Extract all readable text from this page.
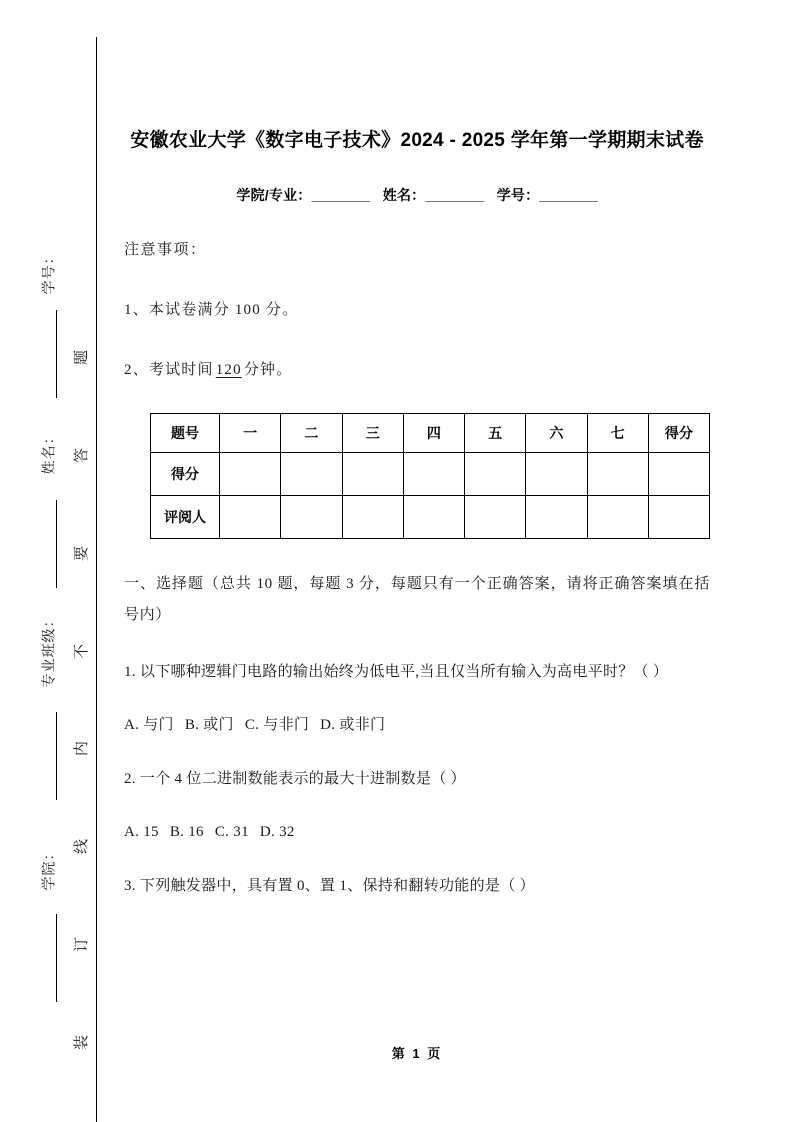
学号：
姓名：
专业班级：
学院：
题
答
要
不
内
线
订
装
安徽农业大学《数字电子技术》2024 - 2025 学年第一学期期末试卷
学院/专业：________ 姓名：________ 学号：________

注意事项：

1、本试卷满分 100 分。

2、考试时间 120 分钟。

题号	一	二	三	四	五	六	七	得分
得分								
评阅人								

一、选择题（总共 10 题，每题 3 分，每题只有一个正确答案，请将正确答案填在括号内）

1. 以下哪种逻辑门电路的输出始终为低电平,当且仅当所有输入为高电平时？（ ）

A. 与门 B. 或门 C. 与非门 D. 或非门

2. 一个 4 位二进制数能表示的最大十进制数是（ ）

A. 15 B. 16 C. 31 D. 32

3. 下列触发器中，具有置 0、置 1、保持和翻转功能的是（ ）

第 1 页
